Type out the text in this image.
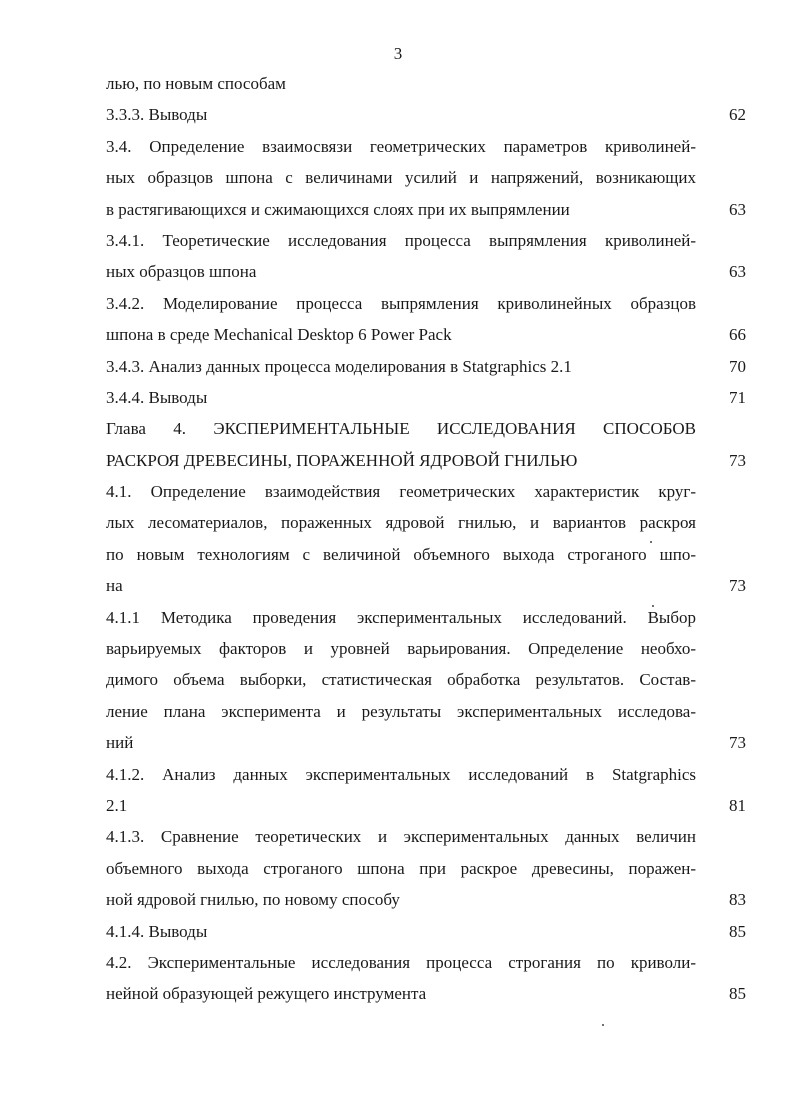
3
лью, по новым способам
3.3.3. Выводы	62
3.4. Определение взаимосвязи геометрических параметров криволиней-
ных образцов шпона с величинами усилий и напряжений, возникающих
в растягивающихся и сжимающихся слоях при их выпрямлении	63
3.4.1. Теоретические исследования процесса выпрямления криволиней-
ных образцов шпона	63
3.4.2. Моделирование процесса выпрямления криволинейных образцов
шпона в среде Mechanical Desktop 6 Power Pack	66
3.4.3. Анализ данных процесса моделирования в Statgraphics 2.1	70
3.4.4. Выводы	71
Глава 4. ЭКСПЕРИМЕНТАЛЬНЫЕ ИССЛЕДОВАНИЯ СПОСОБОВ
РАСКРОЯ ДРЕВЕСИНЫ, ПОРАЖЕННОЙ ЯДРОВОЙ ГНИЛЬЮ	73
4.1. Определение взаимодействия геометрических характеристик круг-
лых лесоматериалов, пораженных ядровой гнилью, и вариантов раскроя
по новым технологиям с величиной объемного выхода строганого шпо-
на	73
4.1.1 Методика проведения экспериментальных исследований. Выбор
варьируемых факторов и уровней варьирования. Определение необхо-
димого объема выборки, статистическая обработка результатов. Состав-
ление плана эксперимента и результаты экспериментальных исследова-
ний	73
4.1.2. Анализ данных экспериментальных исследований в Statgraphics
2.1	81
4.1.3. Сравнение теоретических и экспериментальных данных величин
объемного выхода строганого шпона при раскрое древесины, поражен-
ной ядровой гнилью, по новому способу	83
4.1.4. Выводы	85
4.2. Экспериментальные исследования процесса строгания по криволи-
нейной образующей режущего инструмента	85
